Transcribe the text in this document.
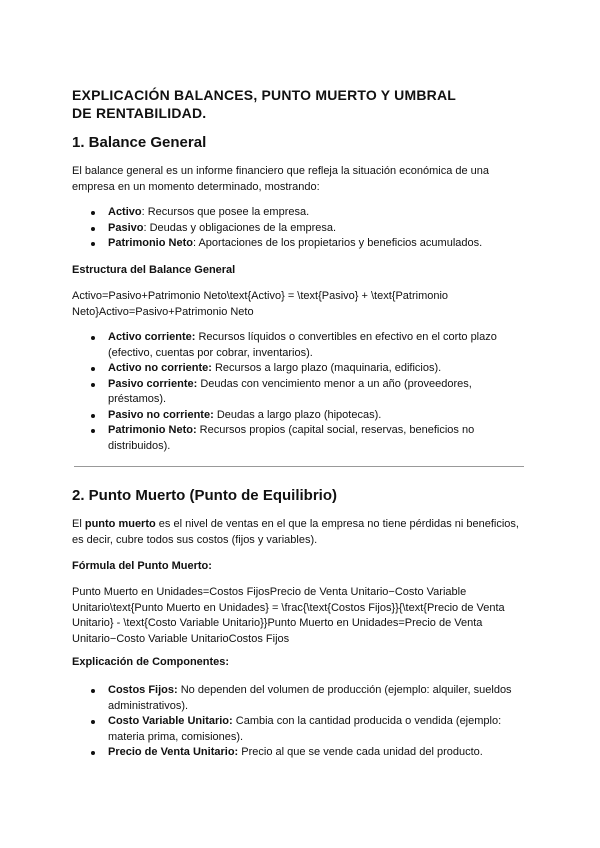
EXPLICACIÓN BALANCES, PUNTO MUERTO Y UMBRAL DE RENTABILIDAD.
1. Balance General
El balance general es un informe financiero que refleja la situación económica de una empresa en un momento determinado, mostrando:
Activo: Recursos que posee la empresa.
Pasivo: Deudas y obligaciones de la empresa.
Patrimonio Neto: Aportaciones de los propietarios y beneficios acumulados.
Estructura del Balance General
Activo=Pasivo+Patrimonio Neto\text{Activo} = \text{Pasivo} + \text{Patrimonio Neto}Activo=Pasivo+Patrimonio Neto
Activo corriente: Recursos líquidos o convertibles en efectivo en el corto plazo (efectivo, cuentas por cobrar, inventarios).
Activo no corriente: Recursos a largo plazo (maquinaria, edificios).
Pasivo corriente: Deudas con vencimiento menor a un año (proveedores, préstamos).
Pasivo no corriente: Deudas a largo plazo (hipotecas).
Patrimonio Neto: Recursos propios (capital social, reservas, beneficios no distribuidos).
2. Punto Muerto (Punto de Equilibrio)
El punto muerto es el nivel de ventas en el que la empresa no tiene pérdidas ni beneficios, es decir, cubre todos sus costos (fijos y variables).
Fórmula del Punto Muerto:
Punto Muerto en Unidades=Costos FijosPrecio de Venta Unitario−Costo Variable Unitario\text{Punto Muerto en Unidades} = \frac{\text{Costos Fijos}}{\text{Precio de Venta Unitario} - \text{Costo Variable Unitario}}Punto Muerto en Unidades=Precio de Venta Unitario−Costo Variable UnitarioCostos Fijos
Explicación de Componentes:
Costos Fijos: No dependen del volumen de producción (ejemplo: alquiler, sueldos administrativos).
Costo Variable Unitario: Cambia con la cantidad producida o vendida (ejemplo: materia prima, comisiones).
Precio de Venta Unitario: Precio al que se vende cada unidad del producto.
